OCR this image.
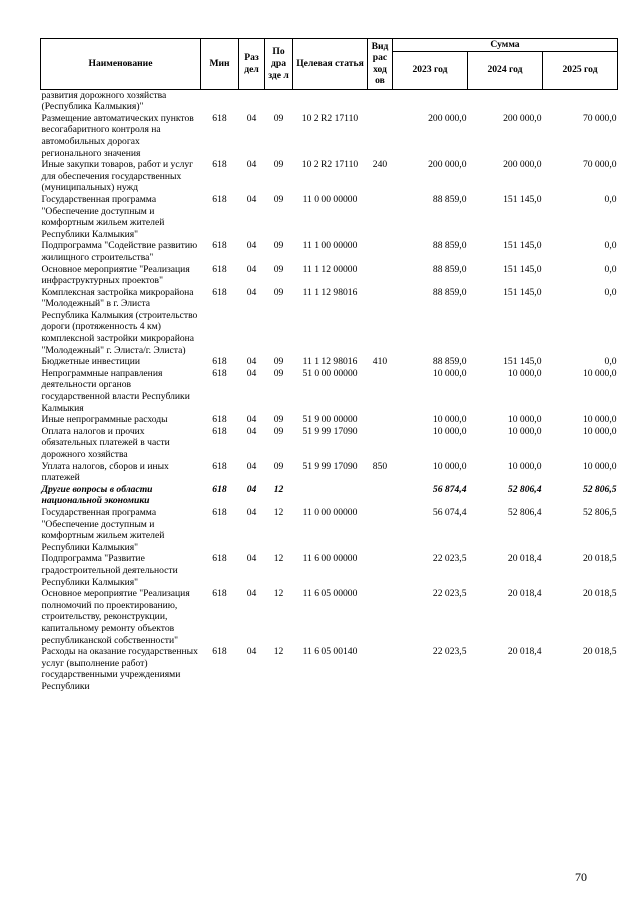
Наименование	Мин	Раз дел	По дра зде л	Целевая статья	Вид рас ход ов	Сумма		
						2023 год	2024 год	2025 год
развития дорожного хозяйства (Республика Калмыкия)"								
Размещение автоматических пунктов весогабаритного контроля на автомобильных дорогах регионального значения	618	04	09	10 2 R2 17110		200 000,0	200 000,0	70 000,0
Иные закупки товаров, работ и услуг для обеспечения государственных (муниципальных) нужд	618	04	09	10 2 R2 17110	240	200 000,0	200 000,0	70 000,0
Государственная программа "Обеспечение доступным и комфортным жильем жителей Республики Калмыкия"	618	04	09	11 0 00 00000		88 859,0	151 145,0	0,0
Подпрограмма "Содействие развитию жилищного строительства"	618	04	09	11 1 00 00000		88 859,0	151 145,0	0,0
Основное мероприятие "Реализация инфраструктурных проектов"	618	04	09	11 1 12 00000		88 859,0	151 145,0	0,0
Комплексная застройка микрорайона "Молодежный" в г. Элиста Республика Калмыкия (строительство дороги (протяженность 4 км) комплексной застройки микрорайона "Молодежный" г. Элиста/г. Элиста)	618	04	09	11 1 12 98016		88 859,0	151 145,0	0,0
Бюджетные инвестиции	618	04	09	11 1 12 98016	410	88 859,0	151 145,0	0,0
Непрограммные направления деятельности органов государственной власти Республики Калмыкия	618	04	09	51 0 00 00000		10 000,0	10 000,0	10 000,0
Иные непрограммные расходы	618	04	09	51 9 00 00000		10 000,0	10 000,0	10 000,0
Оплата налогов и прочих обязательных платежей в части дорожного хозяйства	618	04	09	51 9 99 17090		10 000,0	10 000,0	10 000,0
Уплата налогов, сборов и иных платежей	618	04	09	51 9 99 17090	850	10 000,0	10 000,0	10 000,0
Другие вопросы в области национальной экономики	618	04	12			56 874,4	52 806,4	52 806,5
Государственная программа "Обеспечение доступным и комфортным жильем жителей Республики Калмыкия"	618	04	12	11 0 00 00000		56 074,4	52 806,4	52 806,5
Подпрограмма "Развитие градостроительной деятельности Республики Калмыкия"	618	04	12	11 6 00 00000		22 023,5	20 018,4	20 018,5
Основное мероприятие "Реализация полномочий по проектированию, строительству, реконструкции, капитальному ремонту объектов республиканской собственности"	618	04	12	11 6 05 00000		22 023,5	20 018,4	20 018,5
Расходы на оказание государственных услуг (выполнение работ) государственными учреждениями Республики	618	04	12	11 6 05 00140		22 023,5	20 018,4	20 018,5
70
